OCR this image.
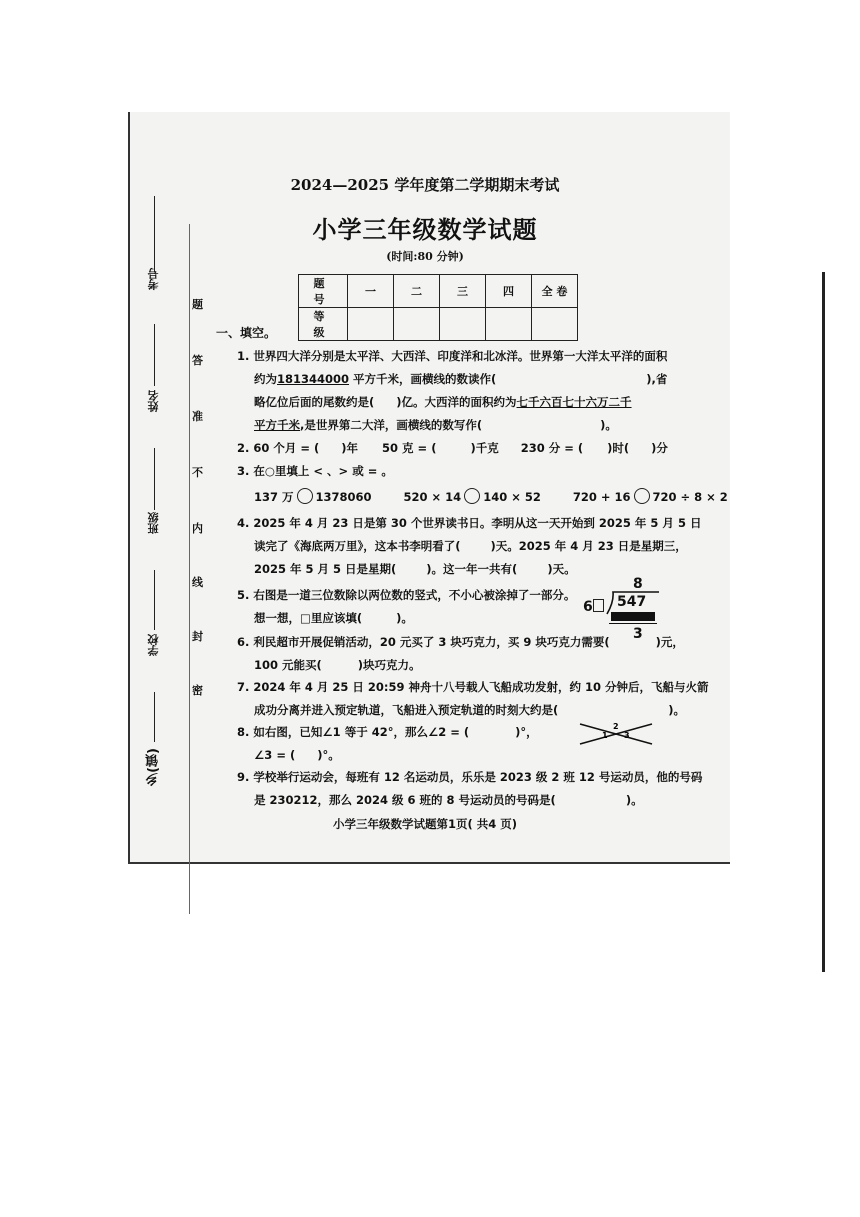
考号
姓名
班级
学校
乡(镇)
密
封
线
内
不
准
答
题
2024—2025 学年度第二学期期末考试
小学三年级数学试题
(时间:80 分钟)
题 号	一	二	三	四	全 卷
等 级					
一、填空。
1. 世界四大洋分别是太平洋、大西洋、印度洋和北冰洋。世界第一大洋太平洋的面积
约为181344000 平方千米，画横线的数读作(	),省
略亿位后面的尾数约是( )亿。大西洋的面积约为七千六百七十六万二千
平方千米,是世界第二大洋，画横线的数写作(	)。
2. 60 个月 = ( )年 50 克 = (	)千克 230 分 = ( )时( )分
3. 在○里填上 < 、> 或 = 。
137 万 1378060	520 × 14 140 × 52	720 + 16 720 ÷ 8 × 2
4. 2025 年 4 月 23 日是第 30 个世界读书日。李明从这一天开始到 2025 年 5 月 5 日
读完了《海底两万里》，这本书李明看了(	)天。2025 年 4 月 23 日是星期三，
2025 年 5 月 5 日是星期(	)。这一年一共有(	)天。
5. 右图是一道三位数除以两位数的竖式，不小心被涂掉了一部分。
想一想，□里应该填(	)。
8
6	547
3
6. 利民超市开展促销活动，20 元买了 3 块巧克力，买 9 块巧克力需要(	)元，
100 元能买(	)块巧克力。
7. 2024 年 4 月 25 日 20:59 神舟十八号载人飞船成功发射，约 10 分钟后，飞船与火箭
成功分离并进入预定轨道，飞船进入预定轨道的时刻大约是(	)。
8. 如右图，已知∠1 等于 42°，那么∠2 = (	)°，
∠3 = ( )°。
1
2
3
9. 学校举行运动会，每班有 12 名运动员，乐乐是 2023 级 2 班 12 号运动员，他的号码
是 230212，那么 2024 级 6 班的 8 号运动员的号码是(	)。
小学三年级数学试题第1页( 共4 页)
